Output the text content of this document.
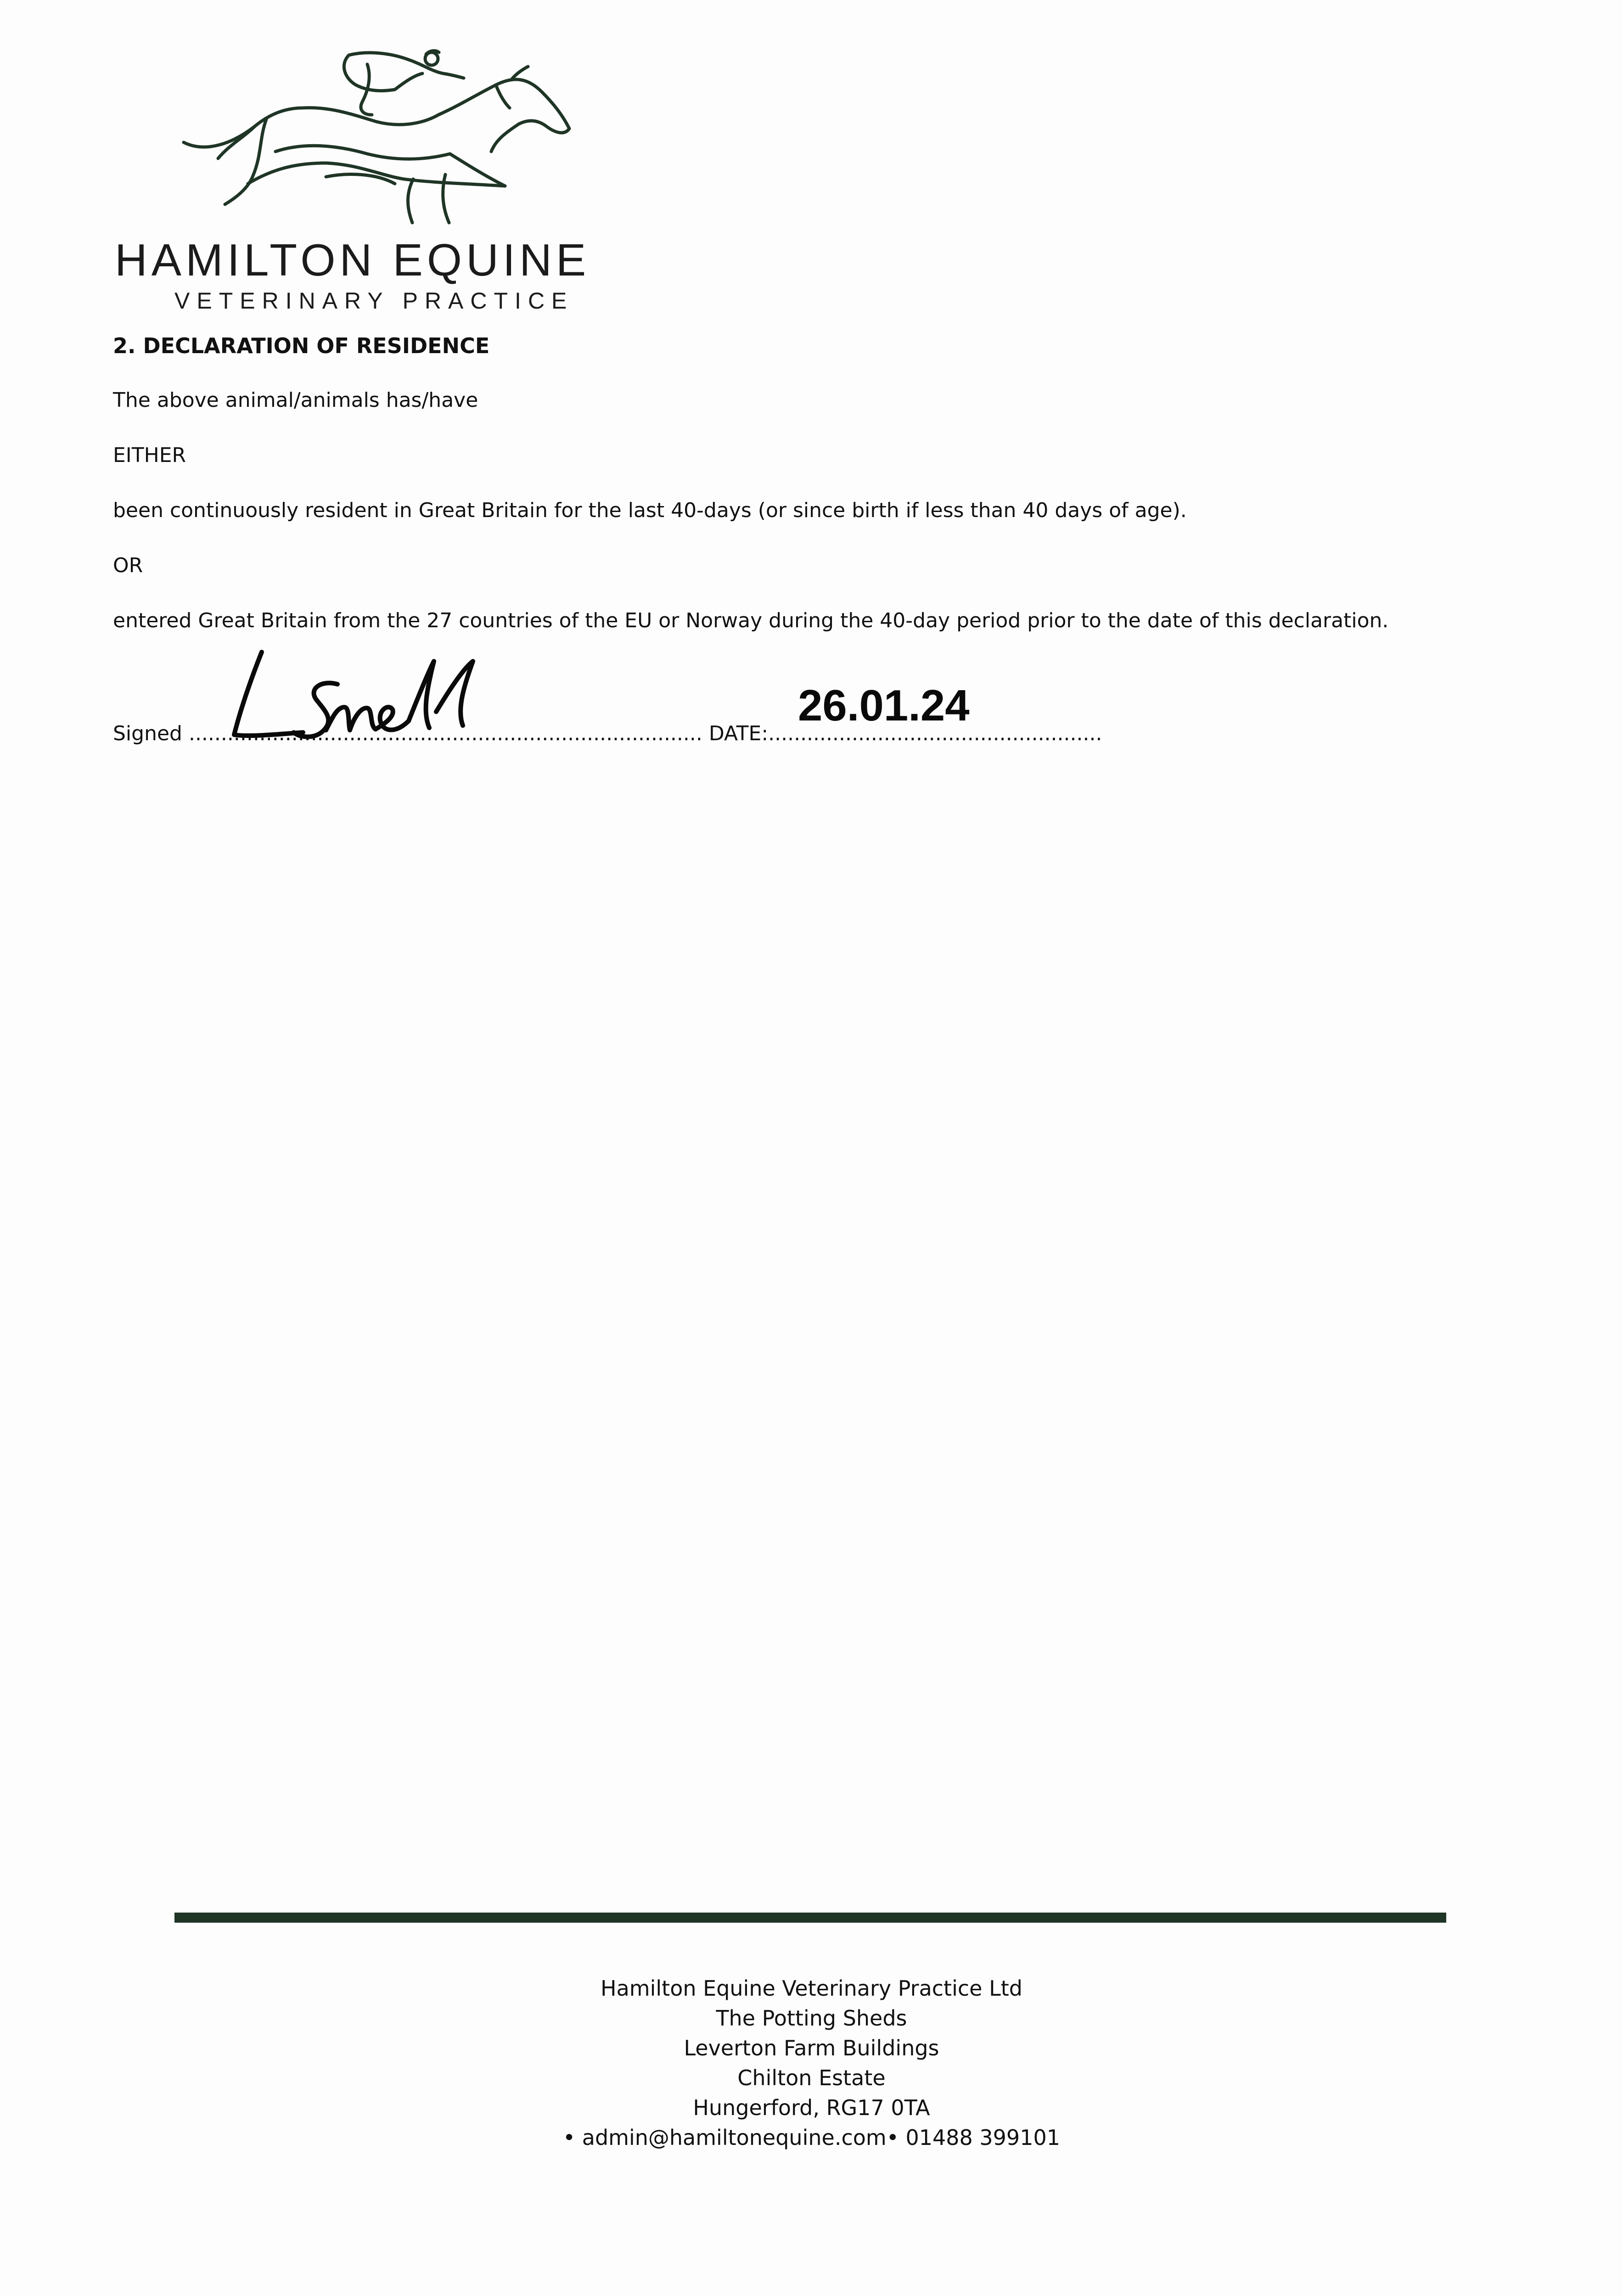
HAMILTON EQUINE
VETERINARY PRACTICE
2. DECLARATION OF RESIDENCE
The above animal/animals has/have
EITHER
been continuously resident in Great Britain for the last 40-days (or since birth if less than 40 days of age).
OR
entered Great Britain from the 27 countries of the EU or Norway during the 40-day period prior to the date of this declaration.
Signed ................................................................................ DATE:....................................................
26.01.24
Hamilton Equine Veterinary Practice Ltd
The Potting Sheds
Leverton Farm Buildings
Chilton Estate
Hungerford, RG17 0TA
• admin@hamiltonequine.com• 01488 399101
